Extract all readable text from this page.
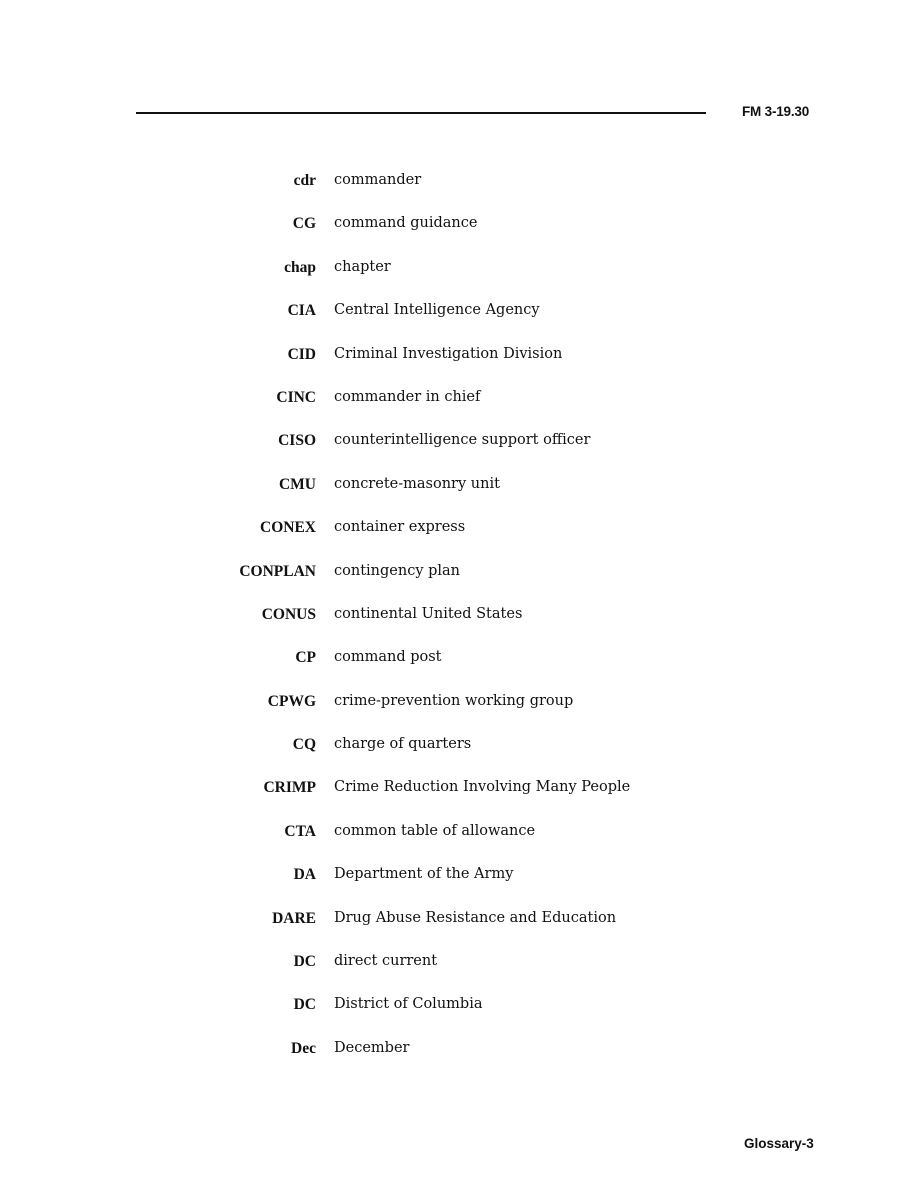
FM 3-19.30
cdr commander
CG command guidance
chap chapter
CIA Central Intelligence Agency
CID Criminal Investigation Division
CINC commander in chief
CISO counterintelligence support officer
CMU concrete-masonry unit
CONEX container express
CONPLAN contingency plan
CONUS continental United States
CP command post
CPWG crime-prevention working group
CQ charge of quarters
CRIMP Crime Reduction Involving Many People
CTA common table of allowance
DA Department of the Army
DARE Drug Abuse Resistance and Education
DC direct current
DC District of Columbia
Dec December
Glossary-3
